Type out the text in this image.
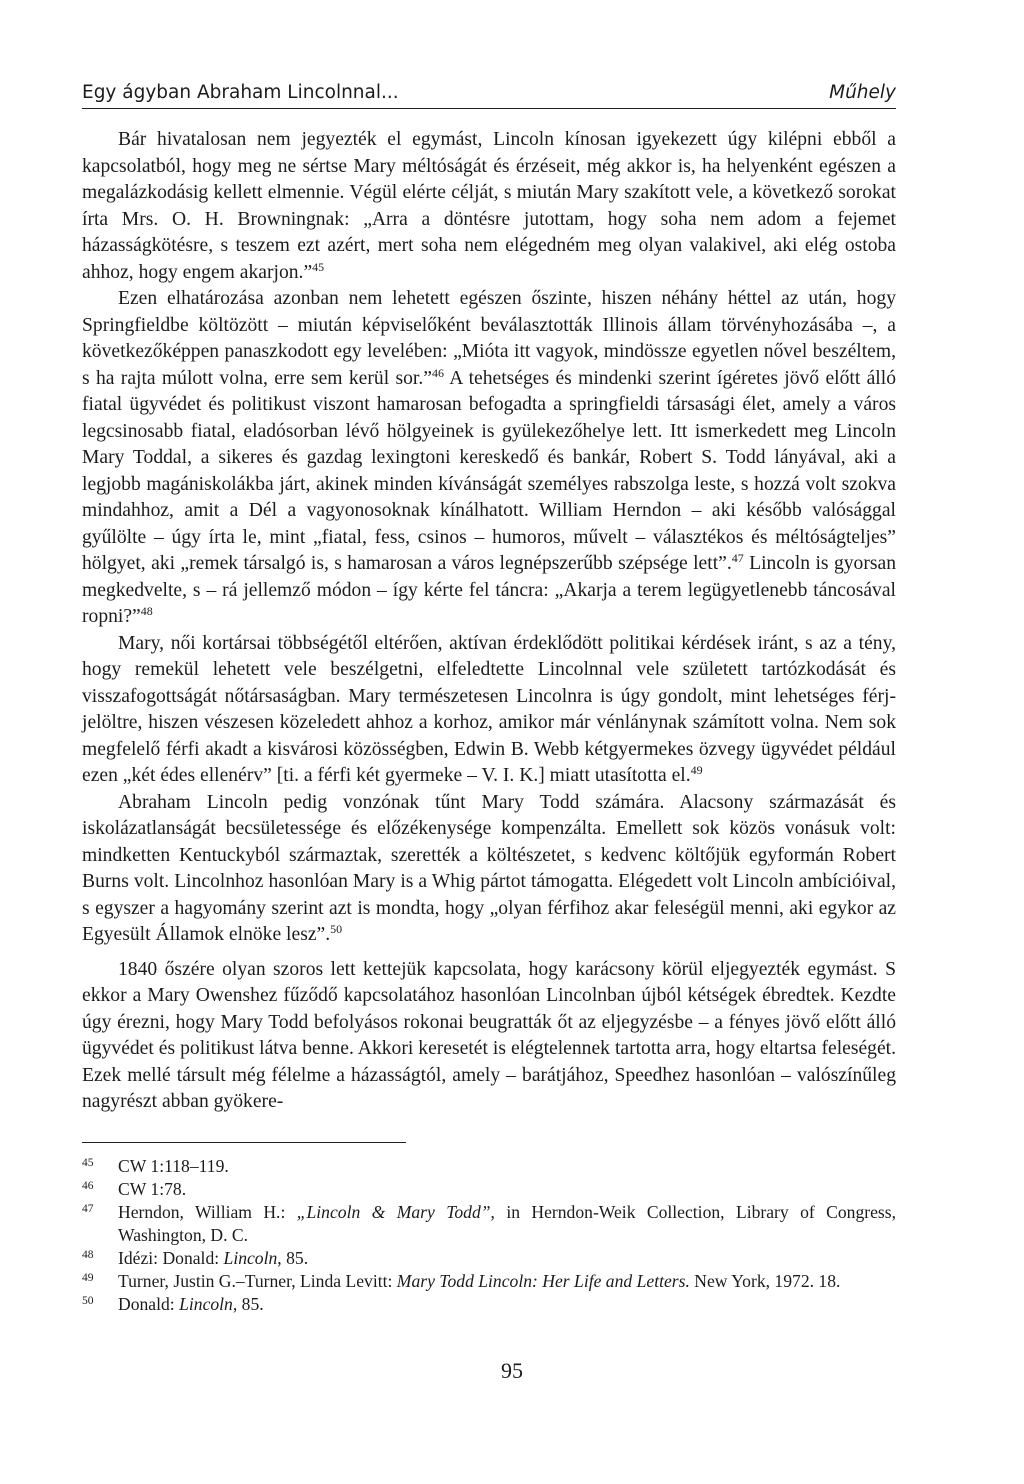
Egy ágyban Abraham Lincolnnal...	Műhely

Bár hivatalosan nem jegyezték el egymást, Lincoln kínosan igyekezett úgy kilépni ebből a kapcsolatból, hogy meg ne sértse Mary méltóságát és érzéseit, még akkor is, ha helyenként egészen a megalázkodásig kellett elmennie. Végül elérte célját, s miután Mary szakított vele, a következő sorokat írta Mrs. O. H. Browningnak: „Arra a döntésre jutottam, hogy soha nem adom a fejemet házasságkötésre, s teszem ezt azért, mert soha nem elégedném meg olyan valakivel, aki elég ostoba ahhoz, hogy engem akarjon.”$^{45}$

Ezen elhatározása azonban nem lehetett egészen őszinte, hiszen néhány héttel az után, hogy Springfieldbe költözött – miután képviselőként beválasztották Illinois állam törvényhozásába –, a következőképpen panaszkodott egy levelében: „Mióta itt vagyok, mindössze egyetlen nővel beszéltem, s ha rajta múlott volna, erre sem kerül sor.”$^{46}$ A tehetséges és mindenki szerint ígéretes jövő előtt álló fiatal ügyvédet és politikust viszont hamarosan befogadta a springfieldi társasági élet, amely a város legcsinosabb fiatal, eladósorban lévő hölgyeinek is gyülekezőhelye lett. Itt ismerkedett meg Lincoln Mary Toddal, a sikeres és gazdag lexingtoni kereskedő és bankár, Robert S. Todd lányával, aki a legjobb magániskolákba járt, akinek minden kívánságát személyes rabszolga leste, s hozzá volt szokva mindahhoz, amit a Dél a vagyonosoknak kínálhatott. William Herndon – aki később valósággal gyűlölte – úgy írta le, mint „fiatal, fess, csinos – humoros, művelt – választékos és méltóságteljes” hölgyet, aki „remek társalgó is, s hamarosan a város legnépszerűbb szépsége lett”.$^{47}$ Lincoln is gyorsan megkedvelte, s – rá jellemző módon – így kérte fel táncra: „Akarja a terem legügyetlenebb táncosával ropni?”$^{48}$

Mary, női kortársai többségétől eltérően, aktívan érdeklődött politikai kérdések iránt, s az a tény, hogy remekül lehetett vele beszélgetni, elfeledtette Lincolnnal vele született tartózkodását és visszafogottságát nőtársaságban. Mary természetesen Lincolnra is úgy gondolt, mint lehetséges férj-jelöltre, hiszen vészesen közeledett ahhoz a korhoz, amikor már vénlánynak számított volna. Nem sok megfelelő férfi akadt a kisvárosi közösségben, Edwin B. Webb kétgyermekes özvegy ügyvédet például ezen „két édes ellenérv” [ti. a férfi két gyermeke – V. I. K.] miatt utasította el.$^{49}$

Abraham Lincoln pedig vonzónak tűnt Mary Todd számára. Alacsony származását és iskolázatlanságát becsületessége és előzékenysége kompenzálta. Emellett sok közös vonásuk volt: mindketten Kentuckyból származtak, szerették a költészetet, s kedvenc költőjük egyformán Robert Burns volt. Lincolnhoz hasonlóan Mary is a Whig pártot támogatta. Elégedett volt Lincoln ambícióival, s egyszer a hagyomány szerint azt is mondta, hogy „olyan férfihoz akar feleségül menni, aki egykor az Egyesült Államok elnöke lesz”.$^{50}$

1840 őszére olyan szoros lett kettejük kapcsolata, hogy karácsony körül eljegyezték egymást. S ekkor a Mary Owenshez fűződő kapcsolatához hasonlóan Lincolnban újból kétségek ébredtek. Kezdte úgy érezni, hogy Mary Todd befolyásos rokonai beugratták őt az eljegyzésbe – a fényes jövő előtt álló ügyvédet és politikust látva benne. Akkori keresetét is elégtelennek tartotta arra, hogy eltartsa feleségét. Ezek mellé társult még félelme a házasságtól, amely – barátjához, Speedhez hasonlóan – valószínűleg nagyrészt abban gyökere-

45 CW 1:118–119.
46 CW 1:78.
47 Herndon, William H.: „Lincoln & Mary Todd”, in Herndon-Weik Collection, Library of Congress, Washington, D. C.
48 Idézi: Donald: Lincoln, 85.
49 Turner, Justin G.–Turner, Linda Levitt: Mary Todd Lincoln: Her Life and Letters. New York, 1972. 18.
50 Donald: Lincoln, 85.
95
